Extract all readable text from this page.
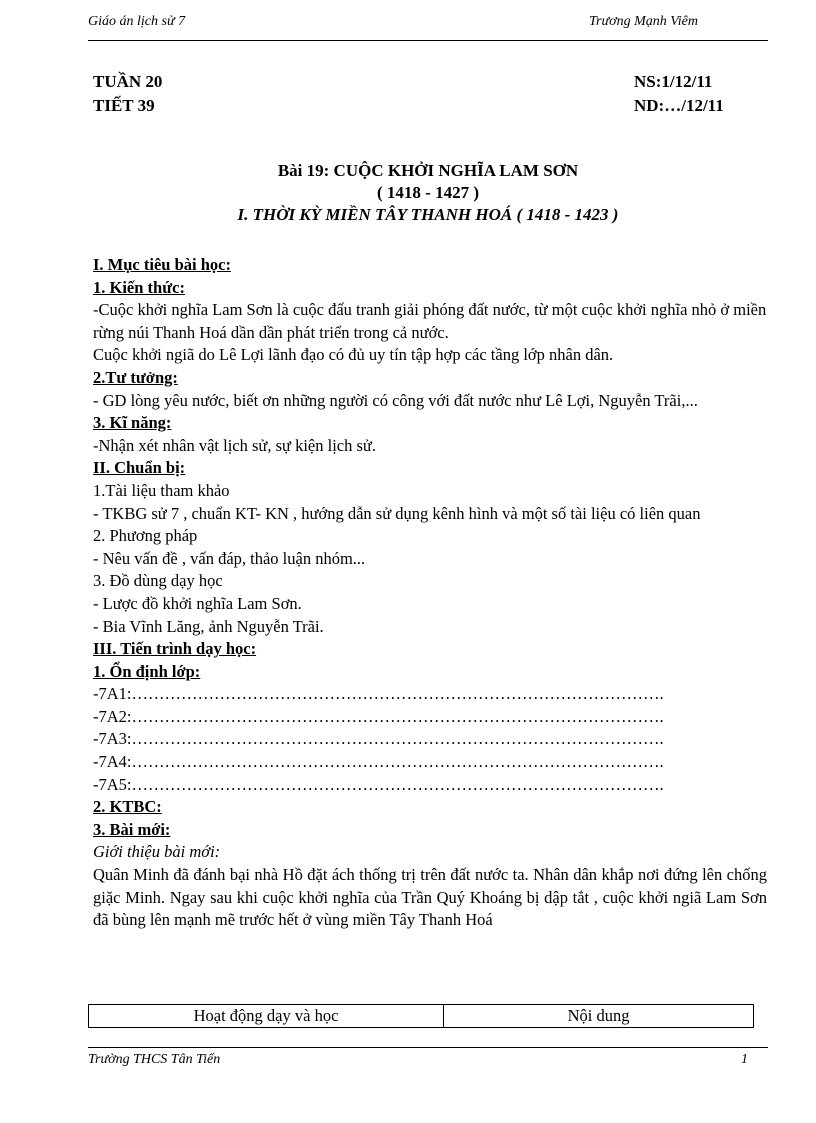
Giáo án lịch sử 7	Trương Mạnh Viêm
TUẦN 20
TIẾT 39
NS:1/12/11
ND:…/12/11
Bài 19: CUỘC KHỞI NGHĨA LAM SƠN
( 1418 - 1427 )
I. THỜI KỲ MIỀN TÂY THANH HOÁ ( 1418 - 1423 )

I. Mục tiêu bài học:

1. Kiến thức:

-Cuộc khởi nghĩa Lam Sơn là cuộc đấu tranh giải phóng đất nước, từ một cuộc khởi nghĩa nhỏ ở miền rừng núi Thanh Hoá dần dần phát triển trong cả nước.

Cuộc khởi ngiã do Lê Lợi lãnh đạo có đủ uy tín tập hợp các tầng lớp nhân dân.

2.Tư tưởng:

- GD lòng yêu nước, biết ơn những người có công với đất nước như Lê Lợi, Nguyễn Trãi,...

3. Kĩ năng:

-Nhận xét nhân vật lịch sử, sự kiện lịch sử.

II. Chuẩn bị:

1.Tài liệu tham khảo

- TKBG sử 7 , chuẩn KT- KN , hướng dẫn sử dụng kênh hình và một số tài liệu có liên quan

2. Phương pháp

- Nêu vấn đề , vấn đáp, thảo luận nhóm...

3. Đồ dùng dạy học

- Lược đồ khởi nghĩa Lam Sơn.

- Bia Vĩnh Lăng, ảnh Nguyễn Trãi.

III. Tiến trình dạy học:

1. Ổn định lớp:

-7A1:…………………………………………………………………………………….

-7A2:…………………………………………………………………………………….

-7A3:…………………………………………………………………………………….

-7A4:…………………………………………………………………………………….

-7A5:…………………………………………………………………………………….

2. KTBC:

3. Bài mới:

Giới thiệu bài mới:

Quân Minh đã đánh bại nhà Hồ đặt ách thống trị trên đất nước ta. Nhân dân khắp nơi đứng lên chống giặc Minh. Ngay sau khi cuộc khởi nghĩa của Trần Quý Khoáng bị dập tắt , cuộc khởi ngiã Lam Sơn đã bùng lên mạnh mẽ trước hết ở vùng miền Tây Thanh Hoá

Hoạt động dạy và học	Nội dung
Trường THCS Tân Tiến	1
